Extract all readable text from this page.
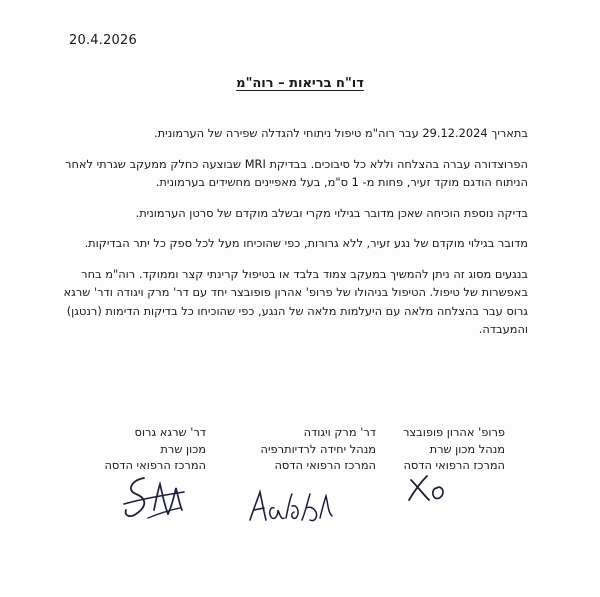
20.4.2026
דו"ח בריאות – רוה"מ

בתאריך 29.12.2024 עבר רוה"מ טיפול ניתוחי להגדלה שפירה של הערמונית.

הפרוצדורה עברה בהצלחה וללא כל סיבוכים. בבדיקת MRI שבוצעה כחלק ממעקב שגרתי לאחר הניתוח הודגם מוקד זעיר, פחות מ- 1 ס"מ, בעל מאפיינים מחשידים בערמונית.

בדיקה נוספת הוכיחה שאכן מדובר בגילוי מקרי ובשלב מוקדם של סרטן הערמונית.

מדובר בגילוי מוקדם של נגע זעיר, ללא גרורות, כפי שהוכיחו מעל לכל ספק כל יתר הבדיקות.

בנגעים מסוג זה ניתן להמשיך במעקב צמוד בלבד או בטיפול קרינתי קצר וממוקד. רוה"מ בחר באפשרות של טיפול. הטיפול בניהולו של פרופ' אהרון פופובצר יחד עם דר' מרק ויגודה ודר' שרגא גרוס עבר בהצלחה מלאה עם היעלמות מלאה של הנגע, כפי שהוכיחו כל בדיקות הדימות (רנטגן) והמעבדה.

פרופ' אהרון פופובצר
מנהל מכון שרת
המרכז הרפואי הדסה
דר' מרק ויגודה
מנהל יחידה לרדיותרפיה
המרכז הרפואי הדסה
דר' שרגא גרוס
מכון שרת
המרכז הרפואי הדסה
